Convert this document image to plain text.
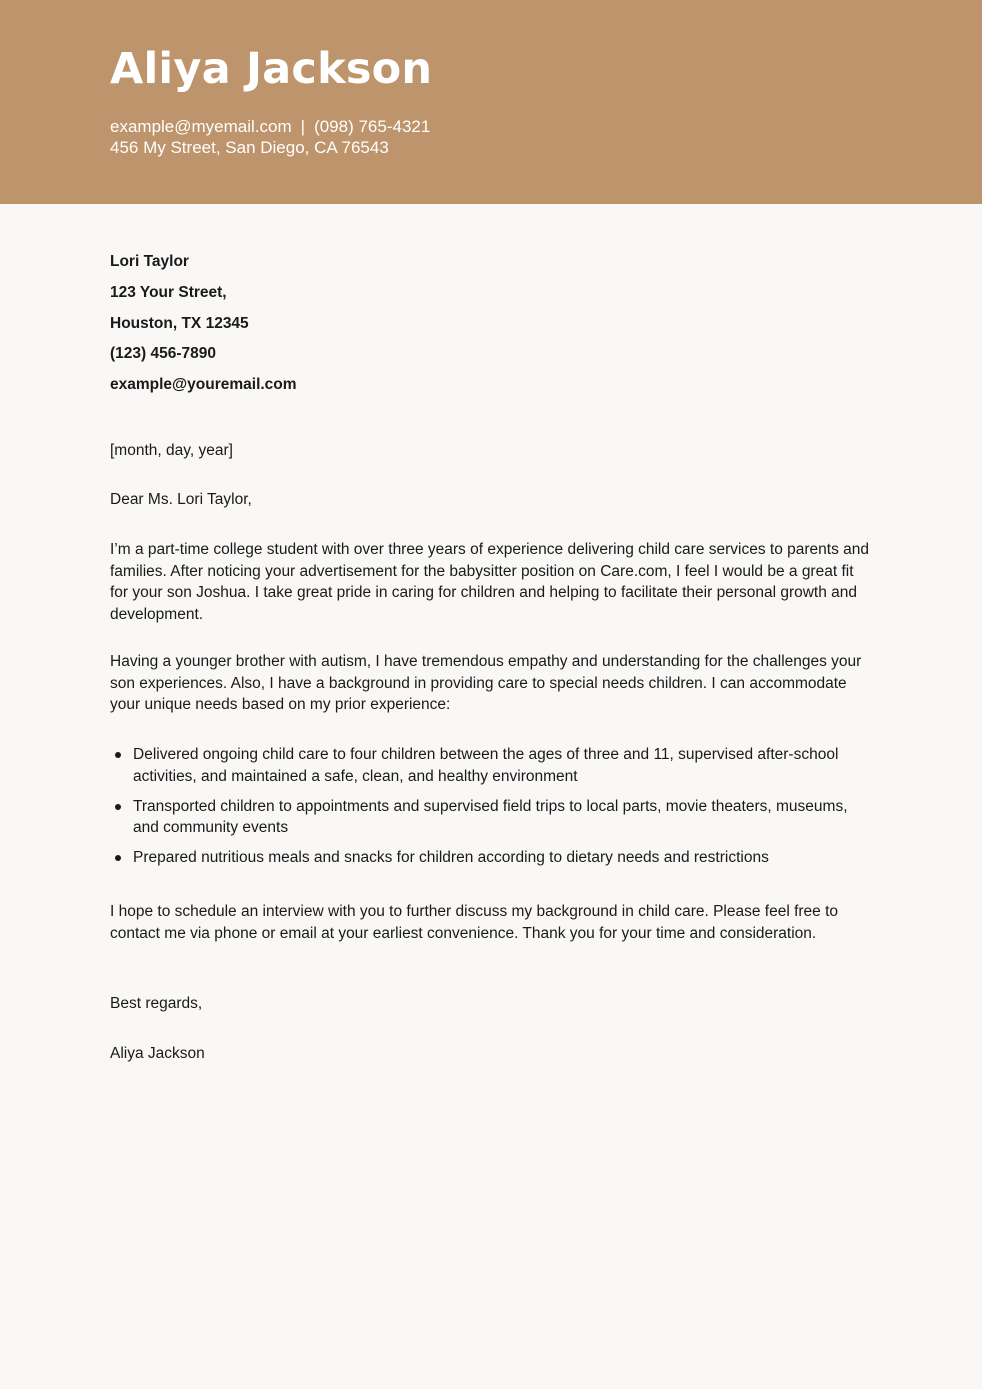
Aliya Jackson
example@myemail.com | (098) 765-4321
456 My Street, San Diego, CA 76543
Lori Taylor
123 Your Street,
Houston, TX 12345
(123) 456-7890
example@youremail.com

[month, day, year]

Dear Ms. Lori Taylor,

I’m a part-time college student with over three years of experience delivering child care services to parents and families. After noticing your advertisement for the babysitter position on Care.com, I feel I would be a great fit for your son Joshua. I take great pride in caring for children and helping to facilitate their personal growth and development.

Having a younger brother with autism, I have tremendous empathy and understanding for the challenges your son experiences. Also, I have a background in providing care to special needs children. I can accommodate your unique needs based on my prior experience:

Delivered ongoing child care to four children between the ages of three and 11, supervised after-school activities, and maintained a safe, clean, and healthy environment
Transported children to appointments and supervised field trips to local parts, movie theaters, museums, and community events
Prepared nutritious meals and snacks for children according to dietary needs and restrictions

I hope to schedule an interview with you to further discuss my background in child care. Please feel free to contact me via phone or email at your earliest convenience. Thank you for your time and consideration.

Best regards,

Aliya Jackson
